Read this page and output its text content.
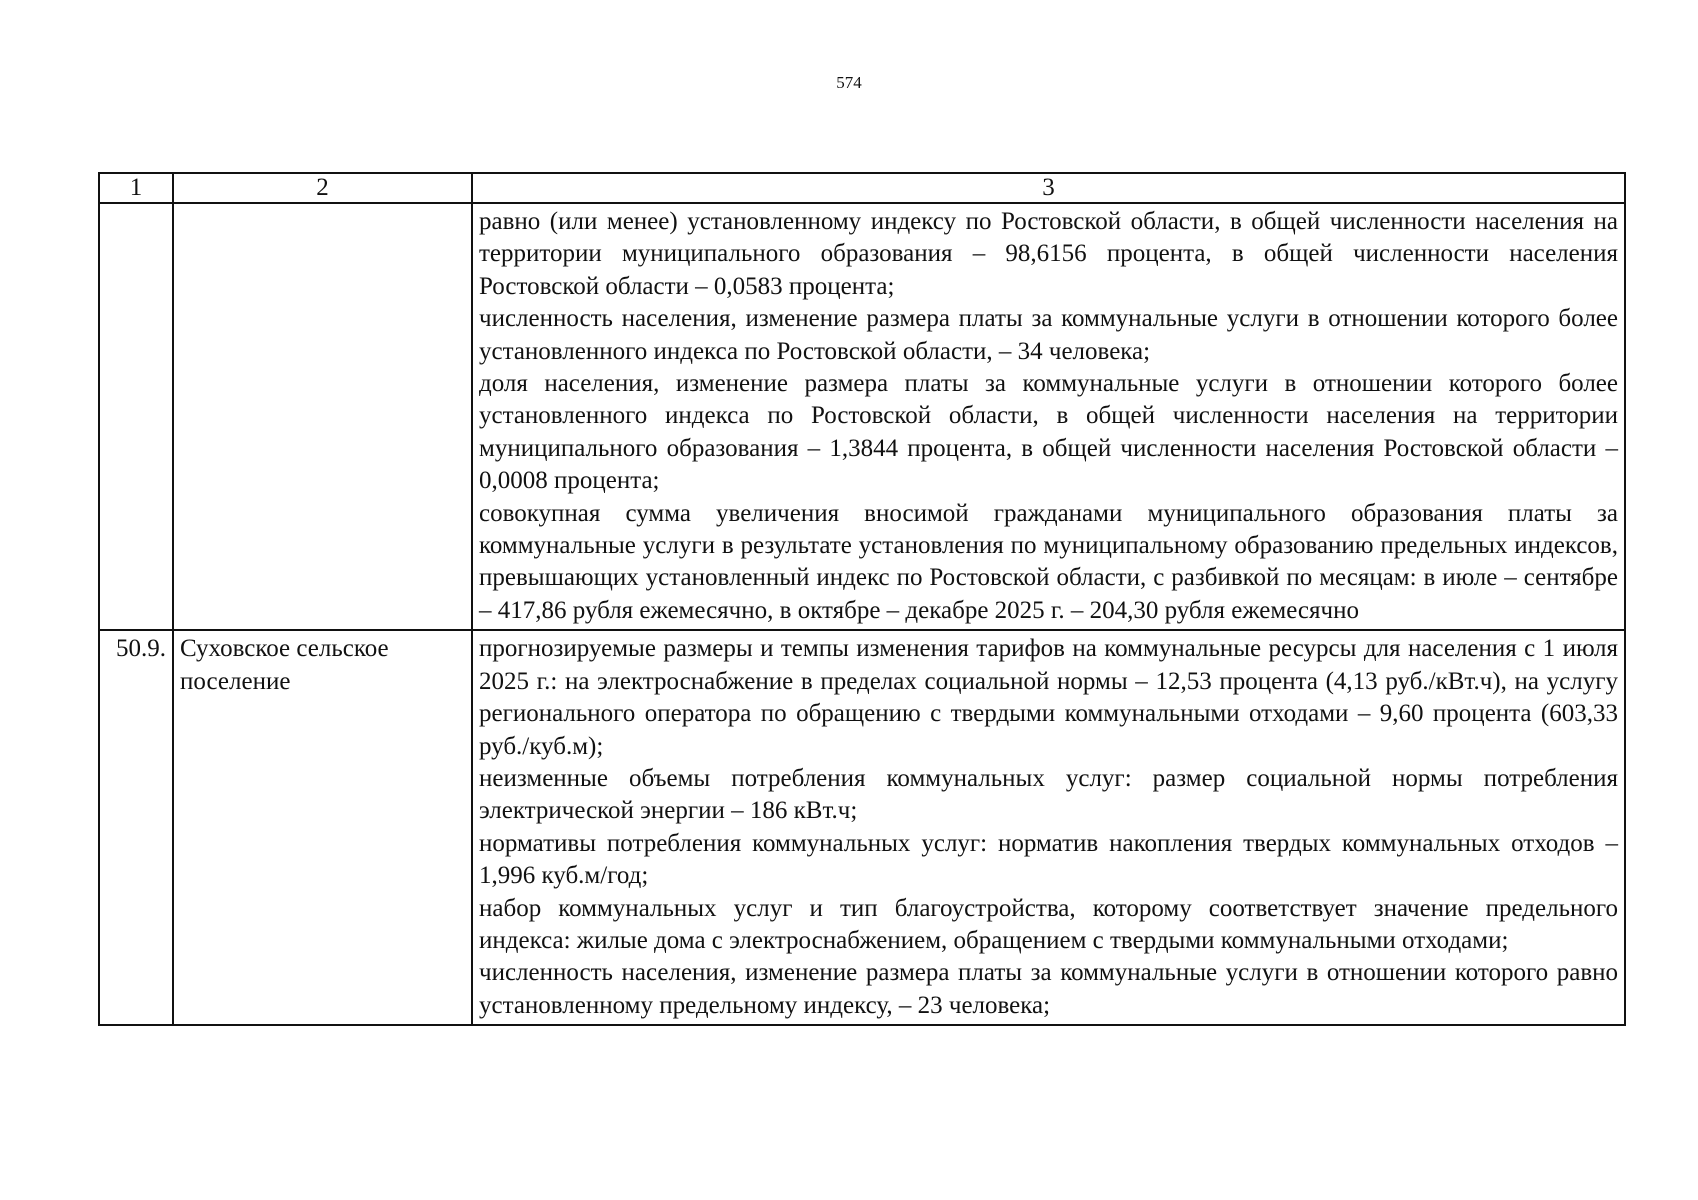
574
1	2	3

		равно (или менее) установленному индексу по Ростовской области, в общей численности населения на территории муниципального образования – 98,6156 процента, в общей численности населения Ростовской области – 0,0583 процента;
численность населения, изменение размера платы за коммунальные услуги в отношении которого более установленного индекса по Ростовской области, – 34 человека;
доля населения, изменение размера платы за коммунальные услуги в отношении которого более установленного индекса по Ростовской области, в общей численности населения на территории муниципального образования – 1,3844 процента, в общей численности населения Ростовской области – 0,0008 процента;
совокупная сумма увеличения вносимой гражданами муниципального образования платы за коммунальные услуги в результате установления по муниципальному образованию предельных индексов, превышающих установленный индекс по Ростовской области, с разбивкой по месяцам: в июле – сентябре – 417,86 рубля ежемесячно, в октябре – декабре 2025 г. – 204,30 рубля ежемесячно

50.9.	Суховское сельское поселение	прогнозируемые размеры и темпы изменения тарифов на коммунальные ресурсы для населения с 1 июля 2025 г.: на электроснабжение в пределах социальной нормы – 12,53 процента (4,13 руб./кВт.ч), на услугу регионального оператора по обращению с твердыми коммунальными отходами – 9,60 процента (603,33 руб./куб.м);
неизменные объемы потребления коммунальных услуг: размер социальной нормы потребления электрической энергии – 186 кВт.ч;
нормативы потребления коммунальных услуг: норматив накопления твердых коммунальных отходов – 1,996 куб.м/год;
набор коммунальных услуг и тип благоустройства, которому соответствует значение предельного индекса: жилые дома с электроснабжением, обращением с твердыми коммунальными отходами;
численность населения, изменение размера платы за коммунальные услуги в отношении которого равно установленному предельному индексу, – 23 человека;
